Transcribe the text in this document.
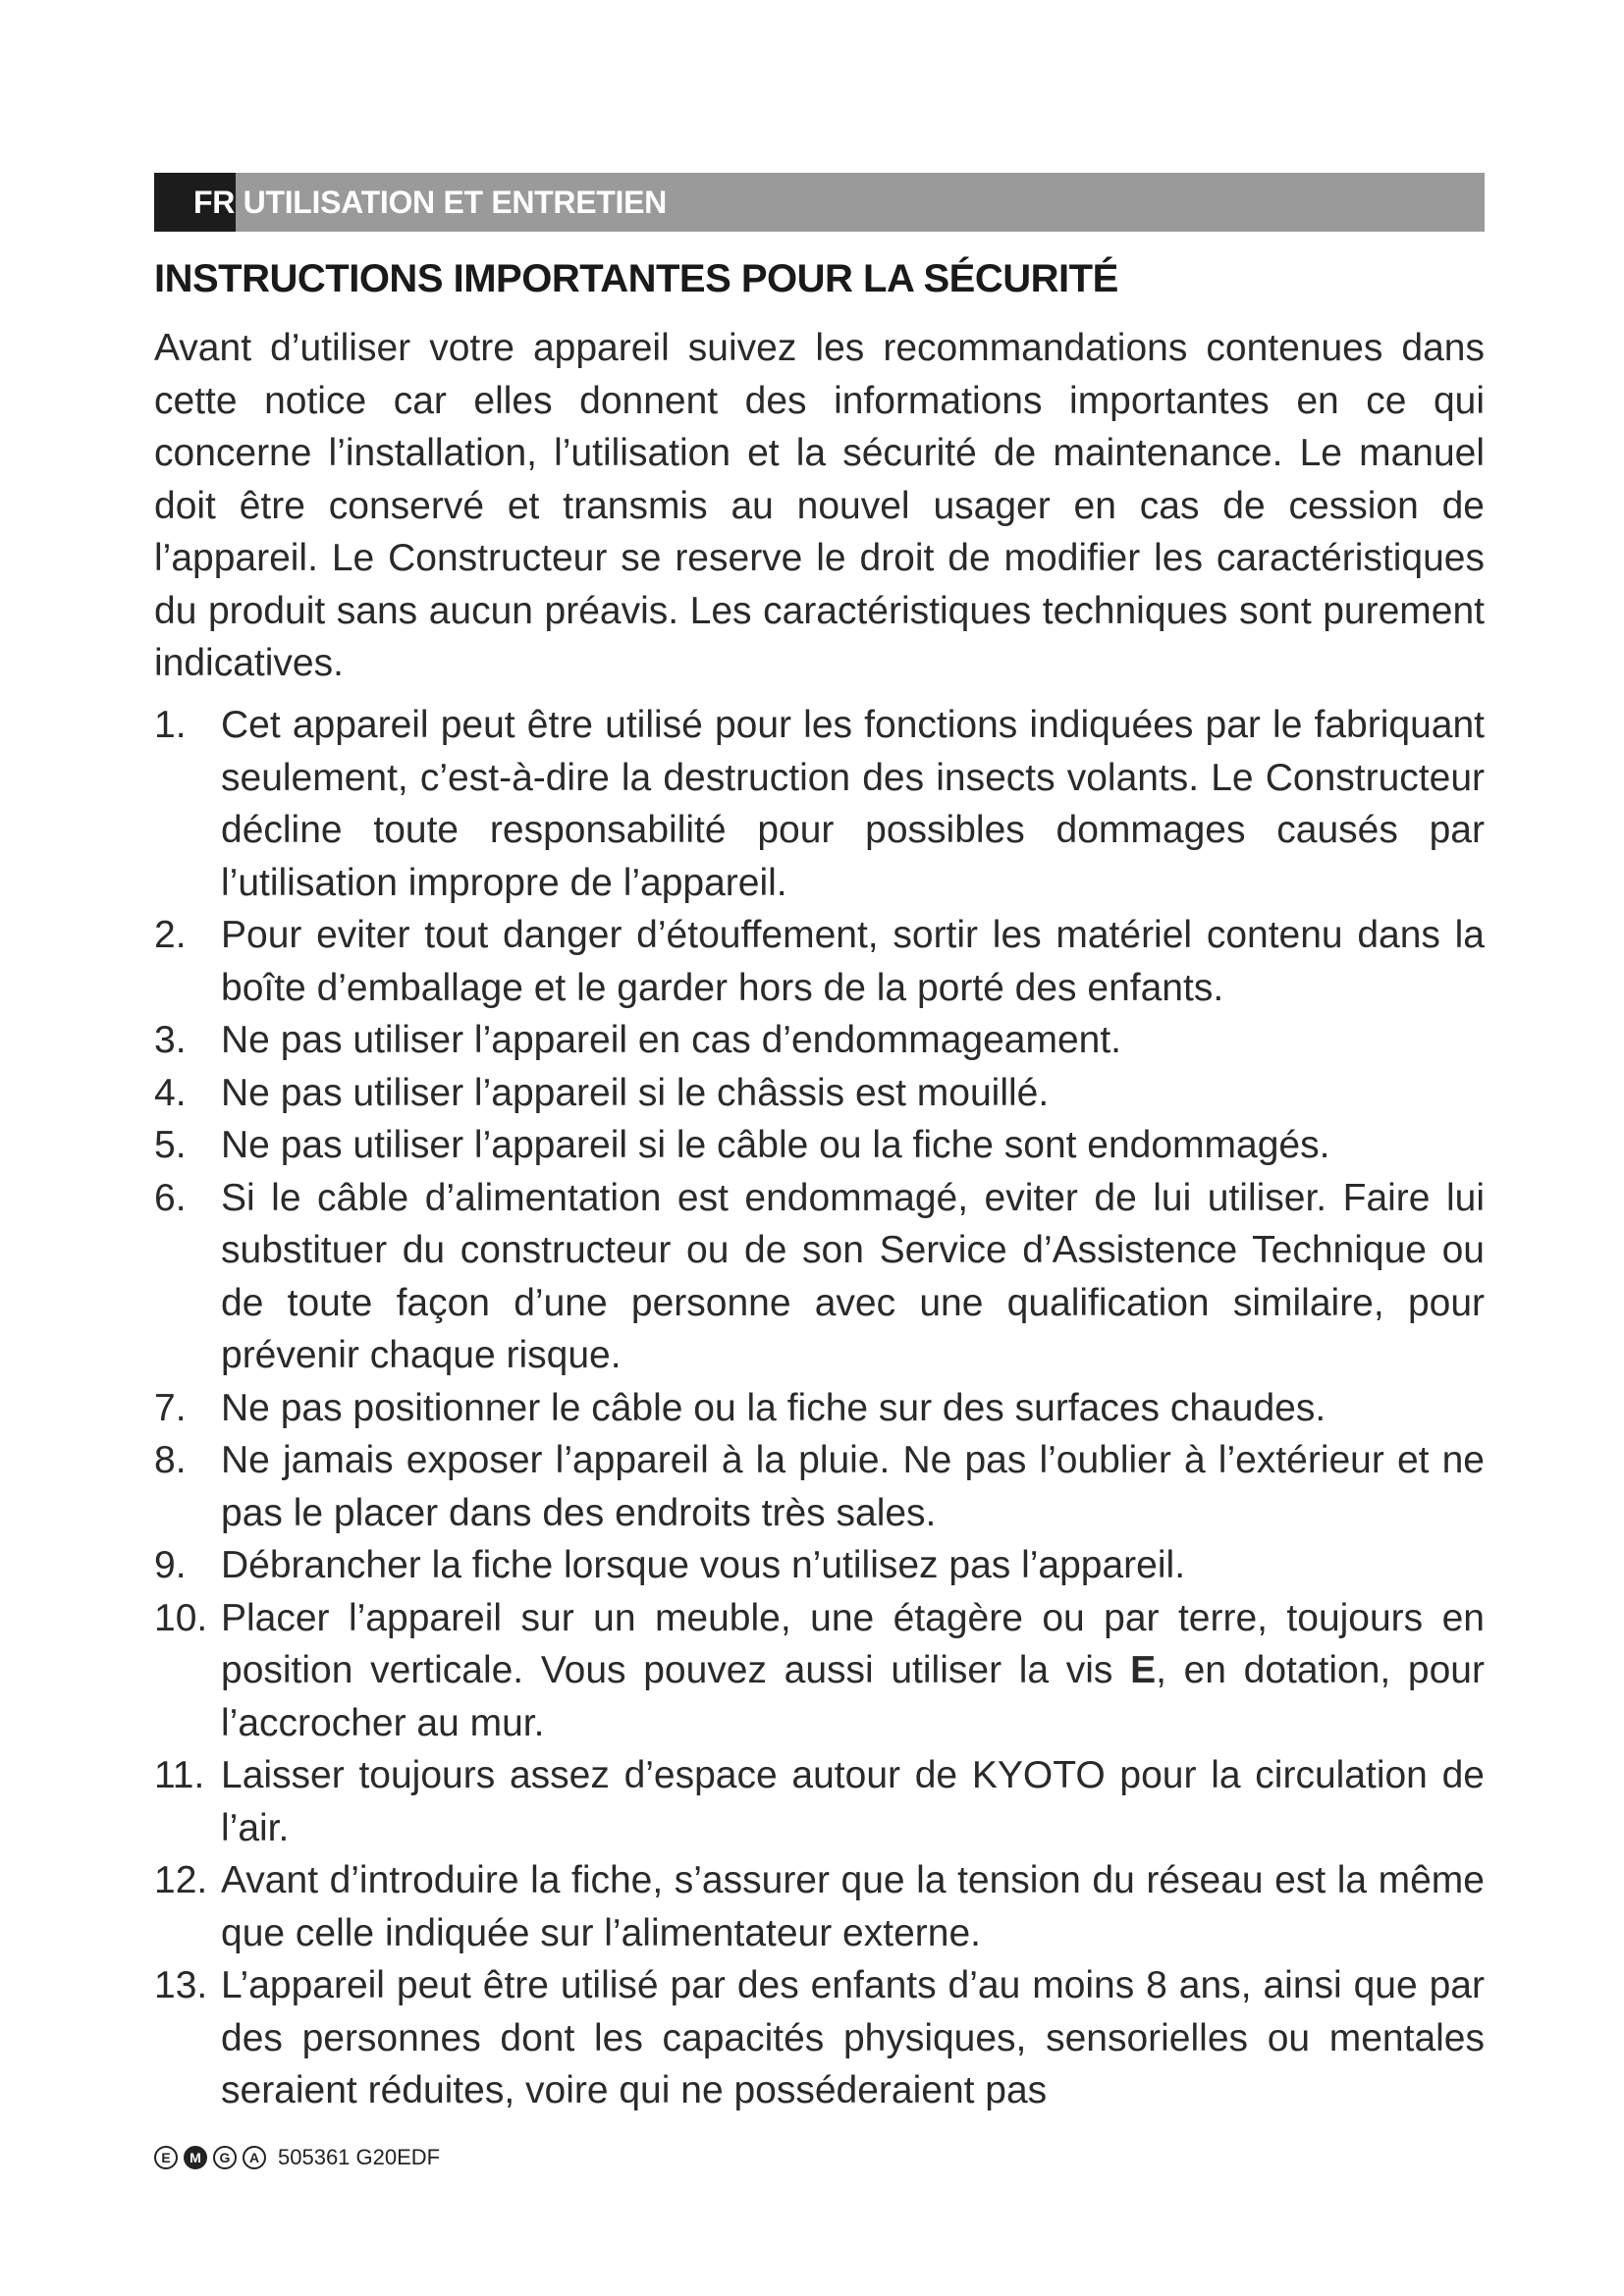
FR UTILISATION ET ENTRETIEN
INSTRUCTIONS IMPORTANTES POUR LA SÉCURITÉ

Avant d’utiliser votre appareil suivez les recommandations contenues dans cette notice car elles donnent des informations importantes en ce qui concerne l’installation, l’utilisation et la sécurité de maintenance. Le manuel doit être conservé et transmis au nouvel usager en cas de cession de l’appareil. Le Constructeur se reserve le droit de modifier les caractéristiques du produit sans aucun préavis. Les caractéristiques techniques sont purement indicatives.

1. Cet appareil peut être utilisé pour les fonctions indiquées par le fabriquant seulement, c’est-à-dire la destruction des insects volants. Le Constructeur décline toute responsabilité pour possibles dommages causés par l’utilisation impropre de l’appareil.
2. Pour eviter tout danger d’étouffement, sortir les matériel contenu dans la boîte d’emballage et le garder hors de la porté des enfants.
3. Ne pas utiliser l’appareil en cas d’endommageament.
4. Ne pas utiliser l’appareil si le châssis est mouillé.
5. Ne pas utiliser l’appareil si le câble ou la fiche sont endommagés.
6. Si le câble d’alimentation est endommagé, eviter de lui utiliser. Faire lui substituer du constructeur ou de son Service d’Assistence Technique ou de toute façon d’une personne avec une qualification similaire, pour prévenir chaque risque.
7. Ne pas positionner le câble ou la fiche sur des surfaces chaudes.
8. Ne jamais exposer l’appareil à la pluie. Ne pas l’oublier à l’extérieur et ne pas le placer dans des endroits très sales.
9. Débrancher la fiche lorsque vous n’utilisez pas l’appareil.
10. Placer l’appareil sur un meuble, une étagère ou par terre, toujours en position verticale. Vous pouvez aussi utiliser la vis E, en dotation, pour l’accrocher au mur.
11. Laisser toujours assez d’espace autour de KYOTO pour la circulation de l’air.
12. Avant d’introduire la fiche, s’assurer que la tension du réseau est la même que celle indiquée sur l’alimentateur externe.
13. L’appareil peut être utilisé par des enfants d’au moins 8 ans, ainsi que par des personnes dont les capacités physiques, sensorielles ou mentales seraient réduites, voire qui ne posséderaient pas
E	M	G	A 505361 G20EDF
